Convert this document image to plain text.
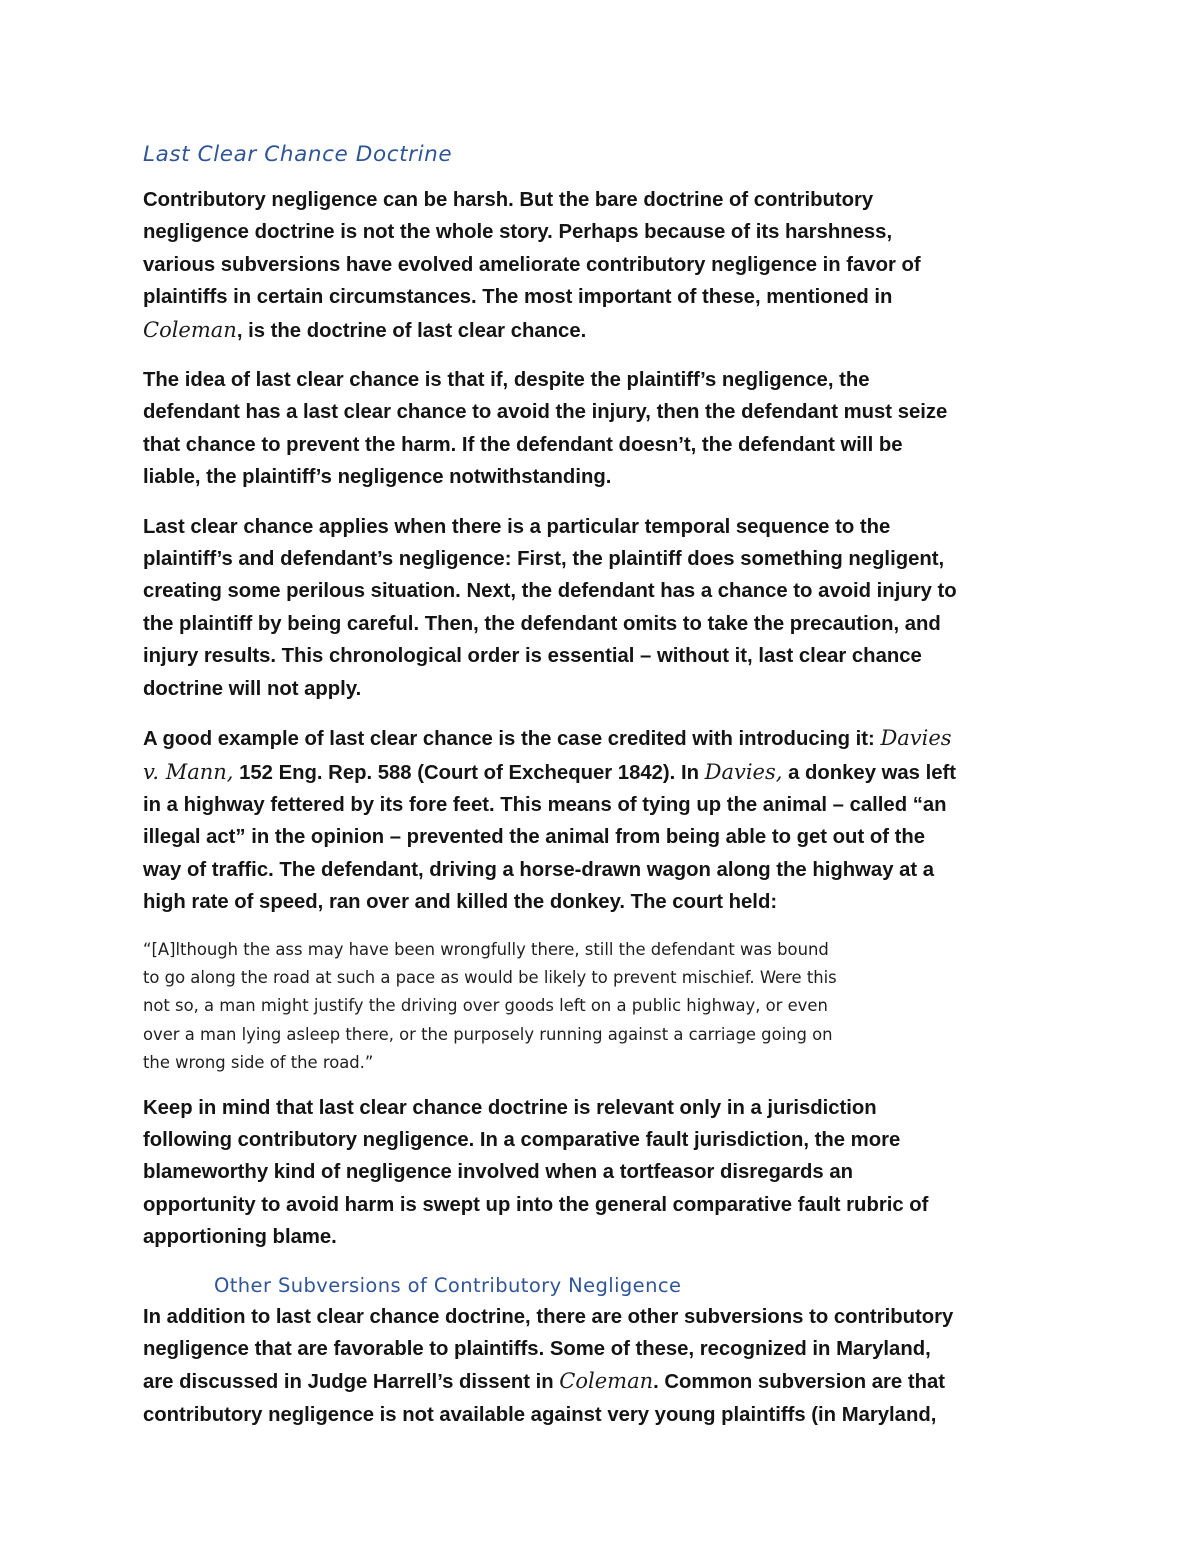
Last Clear Chance Doctrine

Contributory negligence can be harsh. But the bare doctrine of contributory negligence doctrine is not the whole story. Perhaps because of its harshness, various subversions have evolved ameliorate contributory negligence in favor of plaintiffs in certain circumstances. The most important of these, mentioned in Coleman, is the doctrine of last clear chance.

The idea of last clear chance is that if, despite the plaintiff’s negligence, the defendant has a last clear chance to avoid the injury, then the defendant must seize that chance to prevent the harm. If the defendant doesn’t, the defendant will be liable, the plaintiff’s negligence notwithstanding.

Last clear chance applies when there is a particular temporal sequence to the plaintiff’s and defendant’s negligence: First, the plaintiff does something negligent, creating some perilous situation. Next, the defendant has a chance to avoid injury to the plaintiff by being careful. Then, the defendant omits to take the precaution, and injury results. This chronological order is essential – without it, last clear chance doctrine will not apply.

A good example of last clear chance is the case credited with introducing it: Davies v. Mann, 152 Eng. Rep. 588 (Court of Exchequer 1842). In Davies, a donkey was left in a highway fettered by its fore feet. This means of tying up the animal – called “an illegal act” in the opinion – prevented the animal from being able to get out of the way of traffic. The defendant, driving a horse-drawn wagon along the highway at a high rate of speed, ran over and killed the donkey. The court held:

“[A]lthough the ass may have been wrongfully there, still the defendant was bound to go along the road at such a pace as would be likely to prevent mischief. Were this not so, a man might justify the driving over goods left on a public highway, or even over a man lying asleep there, or the purposely running against a carriage going on the wrong side of the road.”

Keep in mind that last clear chance doctrine is relevant only in a jurisdiction following contributory negligence. In a comparative fault jurisdiction, the more blameworthy kind of negligence involved when a tortfeasor disregards an opportunity to avoid harm is swept up into the general comparative fault rubric of apportioning blame.

Other Subversions of Contributory Negligence

In addition to last clear chance doctrine, there are other subversions to contributory negligence that are favorable to plaintiffs. Some of these, recognized in Maryland, are discussed in Judge Harrell’s dissent in Coleman. Common subversion are that contributory negligence is not available against very young plaintiffs (in Maryland,
